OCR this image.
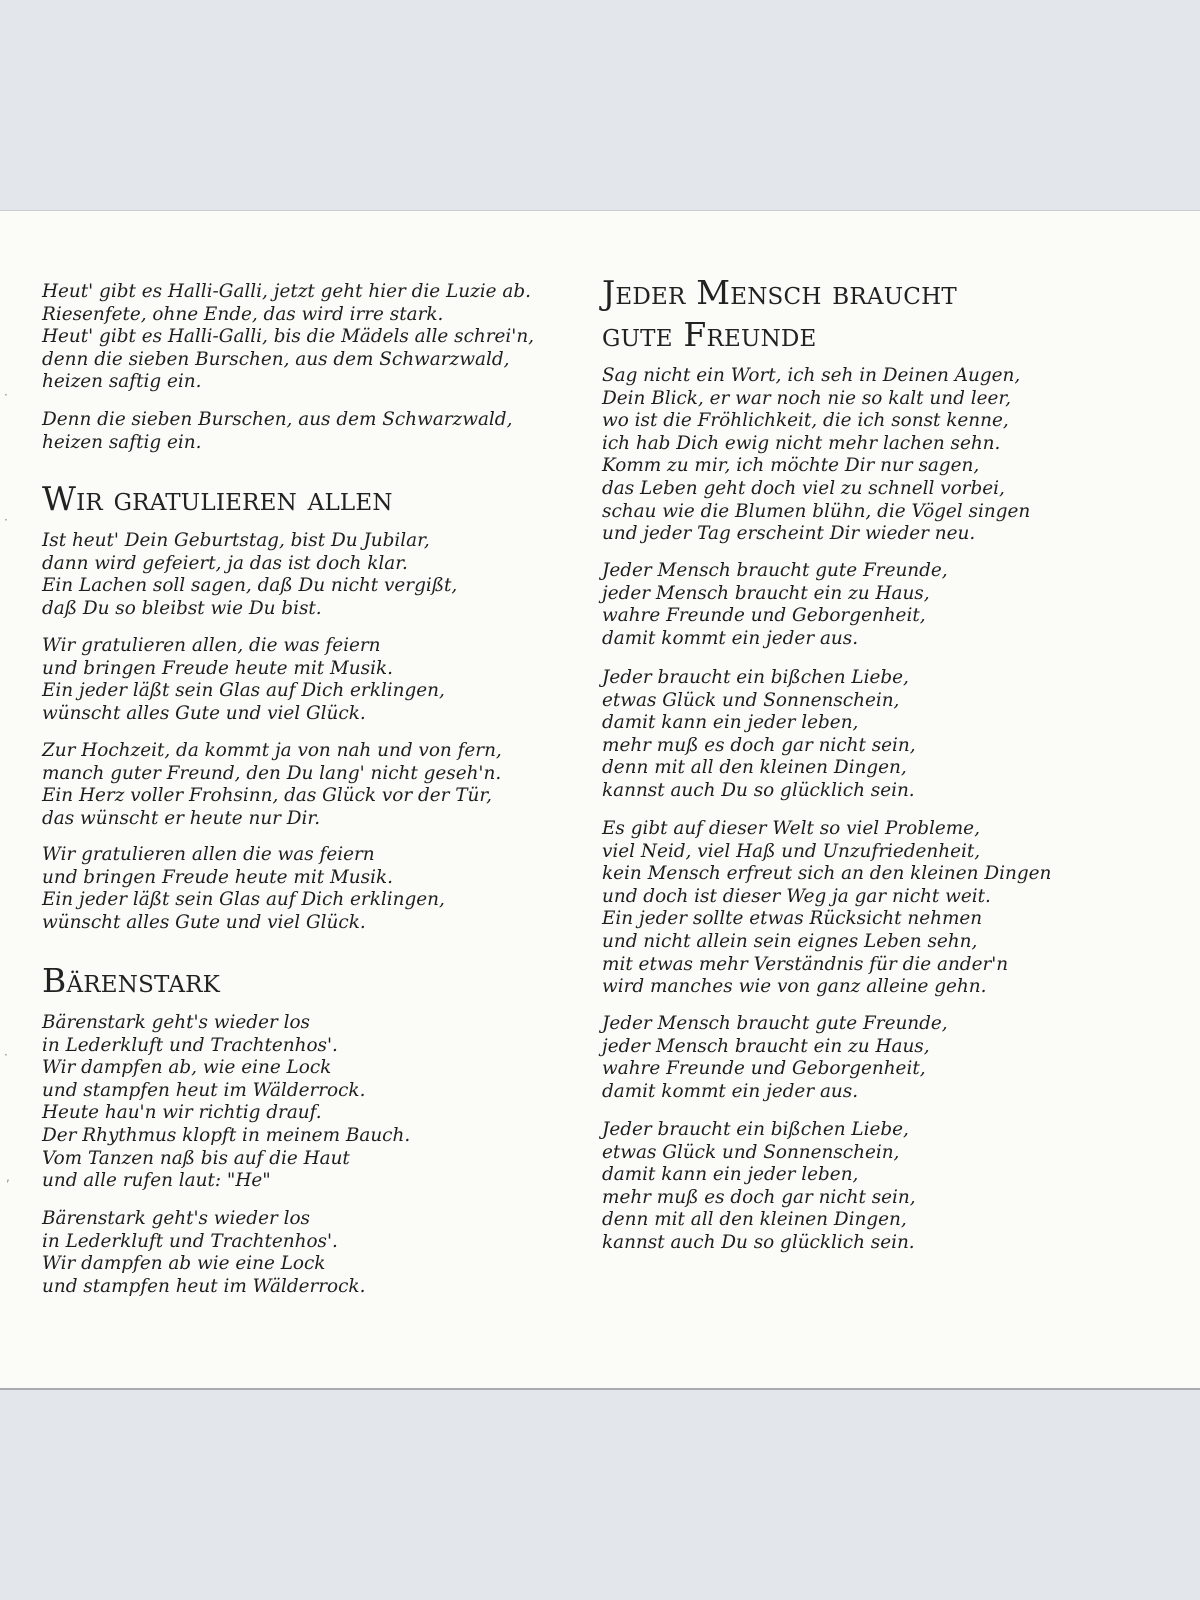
Heut' gibt es Halli-Galli, jetzt geht hier die Luzie ab.
Riesenfete, ohne Ende, das wird irre stark.
Heut' gibt es Halli-Galli, bis die Mädels alle schrei'n,
denn die sieben Burschen, aus dem Schwarzwald,
heizen saftig ein.
Denn die sieben Burschen, aus dem Schwarzwald,
heizen saftig ein.
Wir gratulieren allen
Ist heut' Dein Geburtstag, bist Du Jubilar,
dann wird gefeiert, ja das ist doch klar.
Ein Lachen soll sagen, daß Du nicht vergißt,
daß Du so bleibst wie Du bist.
Wir gratulieren allen, die was feiern
und bringen Freude heute mit Musik.
Ein jeder läßt sein Glas auf Dich erklingen,
wünscht alles Gute und viel Glück.
Zur Hochzeit, da kommt ja von nah und von fern,
manch guter Freund, den Du lang' nicht geseh'n.
Ein Herz voller Frohsinn, das Glück vor der Tür,
das wünscht er heute nur Dir.
Wir gratulieren allen die was feiern
und bringen Freude heute mit Musik.
Ein jeder läßt sein Glas auf Dich erklingen,
wünscht alles Gute und viel Glück.
Bärenstark
Bärenstark geht's wieder los
in Lederkluft und Trachtenhos'.
Wir dampfen ab, wie eine Lock
und stampfen heut im Wälderrock.
Heute hau'n wir richtig drauf.
Der Rhythmus klopft in meinem Bauch.
Vom Tanzen naß bis auf die Haut
und alle rufen laut: "He"
Bärenstark geht's wieder los
in Lederkluft und Trachtenhos'.
Wir dampfen ab wie eine Lock
und stampfen heut im Wälderrock.
Jeder Mensch braucht
gute Freunde
Sag nicht ein Wort, ich seh in Deinen Augen,
Dein Blick, er war noch nie so kalt und leer,
wo ist die Fröhlichkeit, die ich sonst kenne,
ich hab Dich ewig nicht mehr lachen sehn.
Komm zu mir, ich möchte Dir nur sagen,
das Leben geht doch viel zu schnell vorbei,
schau wie die Blumen blühn, die Vögel singen
und jeder Tag erscheint Dir wieder neu.
Jeder Mensch braucht gute Freunde,
jeder Mensch braucht ein zu Haus,
wahre Freunde und Geborgenheit,
damit kommt ein jeder aus.
Jeder braucht ein bißchen Liebe,
etwas Glück und Sonnenschein,
damit kann ein jeder leben,
mehr muß es doch gar nicht sein,
denn mit all den kleinen Dingen,
kannst auch Du so glücklich sein.
Es gibt auf dieser Welt so viel Probleme,
viel Neid, viel Haß und Unzufriedenheit,
kein Mensch erfreut sich an den kleinen Dingen
und doch ist dieser Weg ja gar nicht weit.
Ein jeder sollte etwas Rücksicht nehmen
und nicht allein sein eignes Leben sehn,
mit etwas mehr Verständnis für die ander'n
wird manches wie von ganz alleine gehn.
Jeder Mensch braucht gute Freunde,
jeder Mensch braucht ein zu Haus,
wahre Freunde und Geborgenheit,
damit kommt ein jeder aus.
Jeder braucht ein bißchen Liebe,
etwas Glück und Sonnenschein,
damit kann ein jeder leben,
mehr muß es doch gar nicht sein,
denn mit all den kleinen Dingen,
kannst auch Du so glücklich sein.
·
·
·
,
